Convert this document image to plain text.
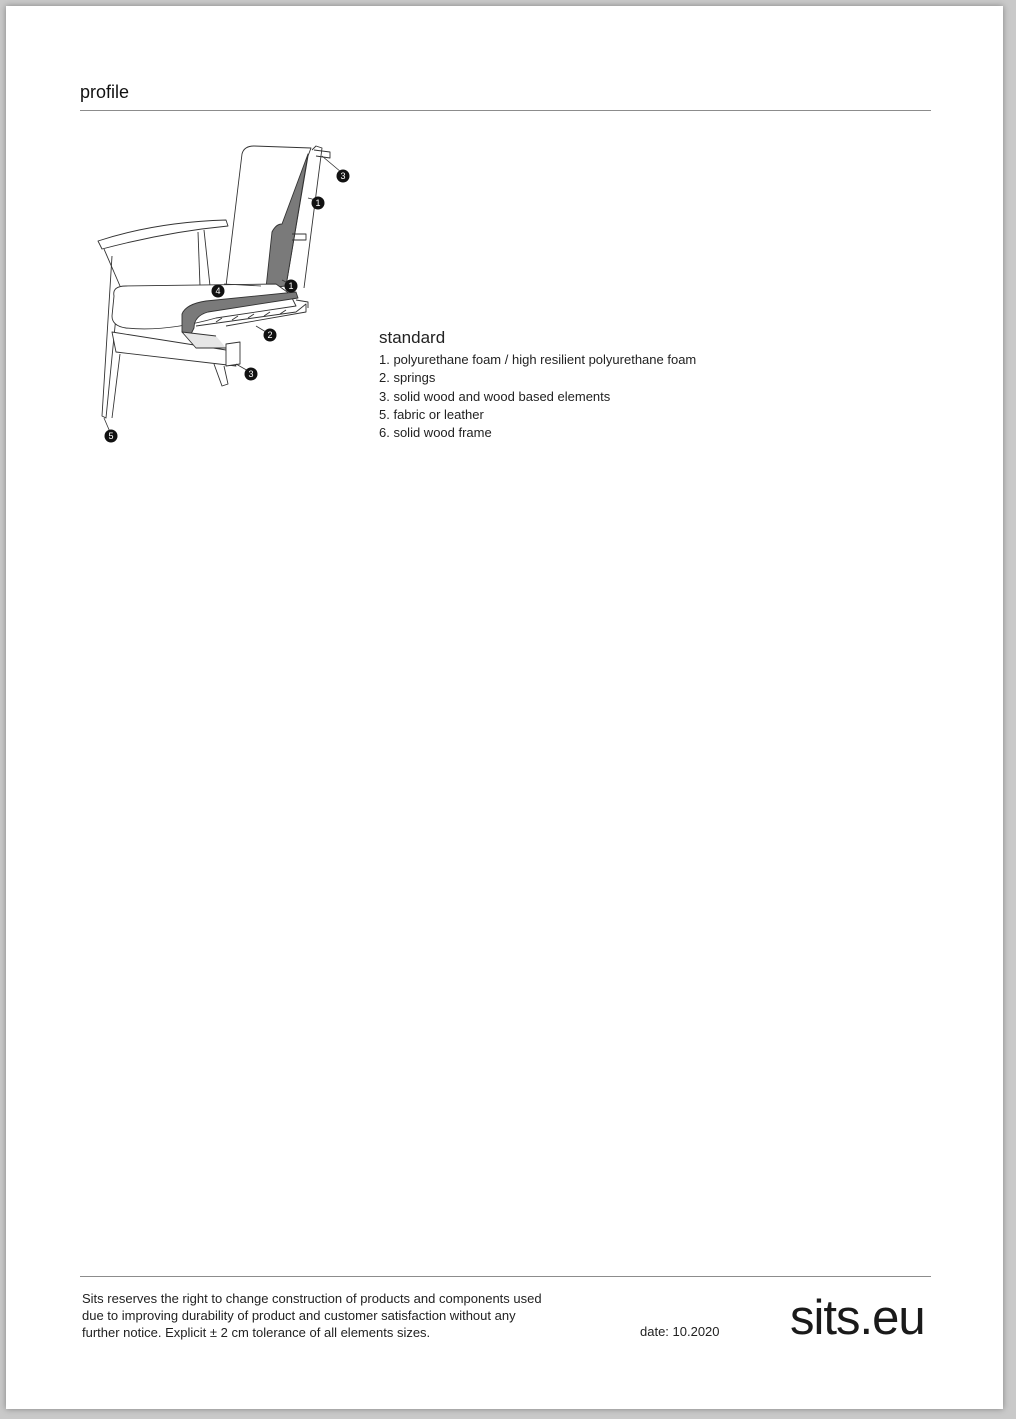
profile
3
1
1
4
2
3
5
standard
1. polyurethane foam / high resilient polyurethane foam
2. springs
3. solid wood and wood based elements
5. fabric or leather
6. solid wood frame
Sits reserves the right to change construction of products and components used
due to improving durability of product and customer satisfaction without any
further notice. Explicit ± 2 cm tolerance of all elements sizes.	date: 10.2020 sits.eu
